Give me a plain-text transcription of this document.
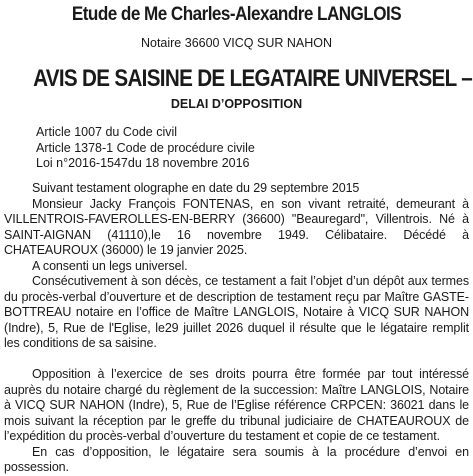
Etude de Me Charles-Alexandre LANGLOIS
Notaire 36600 VICQ SUR NAHON
AVIS DE SAISINE DE LEGATAIRE UNIVERSEL –
DELAI D’OPPOSITION
Article 1007 du Code civil
Article 1378-1 Code de procédure civile
Loi n°2016-1547du 18 novembre 2016

Suivant testament olographe en date du 29 septembre 2015

Monsieur Jacky François FONTENAS, en son vivant retraité, demeurant à VILLENTROIS-FAVEROLLES-EN-BERRY (36600) "Beauregard", Villentrois. Né à SAINT-AIGNAN (41110),le 16 novembre 1949. Célibataire. Décédé à CHATEAUROUX (36000) le 19 janvier 2025.

A consenti un legs universel.

Consécutivement à son décès, ce testament a fait l’objet d’un dépôt aux termes du procès-verbal d’ouverture et de description de testament reçu par Maître GASTE-BOTTREAU notaire en l’office de Maître LANGLOIS, Notaire à VICQ SUR NAHON (Indre), 5, Rue de l'Eglise, le29 juillet 2026 duquel il résulte que le légataire remplit les conditions de sa saisine.

Opposition à l’exercice de ses droits pourra être formée par tout intéressé auprès du notaire chargé du règlement de la succession: Maître LANGLOIS, Notaire à VICQ SUR NAHON (Indre), 5, Rue de l’Eglise référence CRPCEN: 36021 dans le mois suivant la réception par le greffe du tribunal judiciaire de CHATEAUROUX de l’expédition du procès-verbal d’ouverture du testament et copie de ce testament.

En cas d’opposition, le légataire sera soumis à la procédure d’envoi en possession.
